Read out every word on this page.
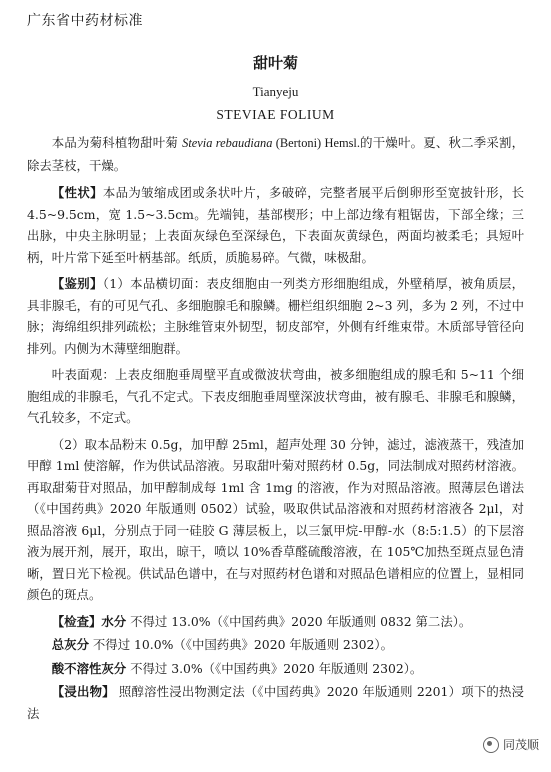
广东省中药材标准
甜叶菊
Tianyeju
STEVIAE FOLIUM

本品为菊科植物甜叶菊 Stevia rebaudiana (Bertoni) Hemsl.的干燥叶。夏、秋二季采割，除去茎枝，干燥。

【性状】本品为皱缩成团或条状叶片，多破碎，完整者展平后倒卵形至宽披针形，长 4.5~9.5cm，宽 1.5~3.5cm。先端钝，基部楔形；中上部边缘有粗锯齿，下部全缘；三出脉，中央主脉明显；上表面灰绿色至深绿色，下表面灰黄绿色，两面均被柔毛；具短叶柄，叶片常下延至叶柄基部。纸质，质脆易碎。气微，味极甜。

【鉴别】（1）本品横切面：表皮细胞由一列类方形细胞组成，外壁稍厚，被角质层，具非腺毛，有的可见气孔、多细胞腺毛和腺鳞。栅栏组织细胞 2~3 列，多为 2 列，不过中脉；海绵组织排列疏松；主脉维管束外韧型，韧皮部窄，外侧有纤维束带。木质部导管径向排列。内侧为木薄壁细胞群。

叶表面观：上表皮细胞垂周壁平直或微波状弯曲，被多细胞组成的腺毛和 5~11 个细胞组成的非腺毛，气孔不定式。下表皮细胞垂周壁深波状弯曲，被有腺毛、非腺毛和腺鳞，气孔较多，不定式。

（2）取本品粉末 0.5g，加甲醇 25ml，超声处理 30 分钟，滤过，滤液蒸干，残渣加甲醇 1ml 使溶解，作为供试品溶液。另取甜叶菊对照药材 0.5g，同法制成对照药材溶液。再取甜菊苷对照品，加甲醇制成每 1ml 含 1mg 的溶液，作为对照品溶液。照薄层色谱法（《中国药典》2020 年版通则 0502）试验，吸取供试品溶液和对照药材溶液各 2μl，对照品溶液 6μl，分别点于同一硅胶 G 薄层板上，以三氯甲烷-甲醇-水（8:5:1.5）的下层溶液为展开剂，展开，取出，晾干，喷以 10%香草醛硫酸溶液，在 105℃加热至斑点显色清晰，置日光下检视。供试品色谱中，在与对照药材色谱和对照品色谱相应的位置上，显相同颜色的斑点。

【检查】水分 不得过 13.0%（《中国药典》2020 年版通则 0832 第二法）。

总灰分 不得过 10.0%（《中国药典》2020 年版通则 2302）。

酸不溶性灰分 不得过 3.0%（《中国药典》2020 年版通则 2302）。

【浸出物】 照醇溶性浸出物测定法（《中国药典》2020 年版通则 2201）项下的热浸法

同茂顺
